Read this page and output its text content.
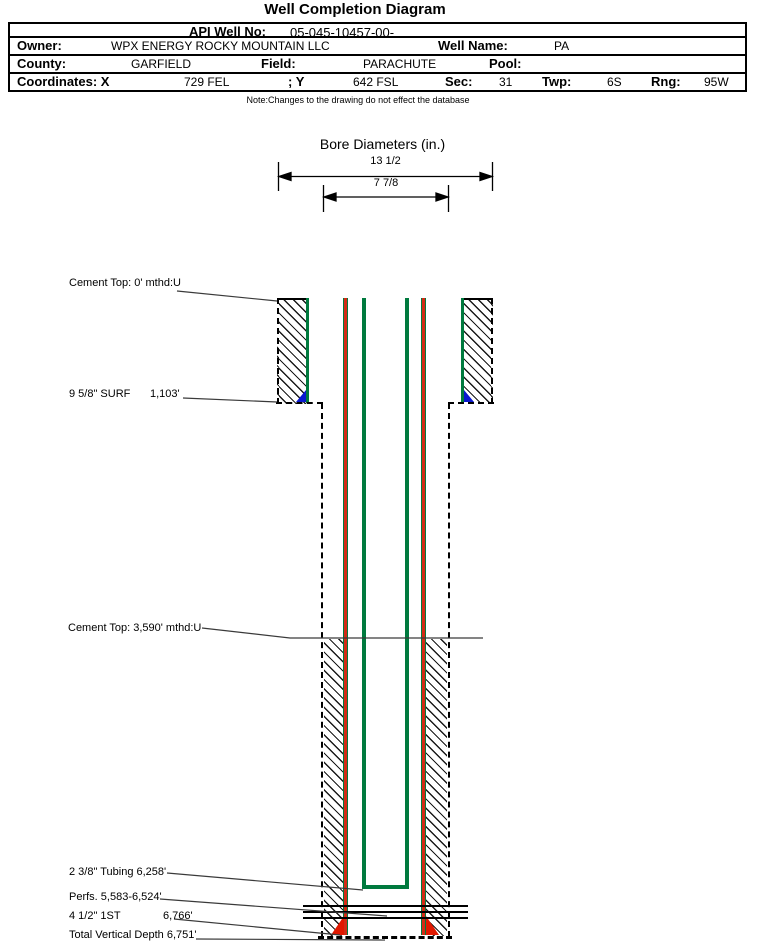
Well Completion Diagram
API Well No: 05-045-10457-00-
Owner:	WPX ENERGY ROCKY MOUNTAIN LLC	Well Name:	PA
County:	GARFIELD	Field:	PARACHUTE	Pool:
Coordinates: X	729 FEL	; Y	642 FSL	Sec: 31 Twp:	6S Rng: 95W
Note:Changes to the drawing do not effect the database
Bore Diameters (in.)
13 1/2
7 7/8
Cement Top: 0' mthd:U
9 5/8" SURF 1,103'
Cement Top: 3,590' mthd:U
2 3/8" Tubing 6,258'
Perfs. 5,583-6,524'
4 1/2" 1ST	6,766'
Total Vertical Depth 6,751'
